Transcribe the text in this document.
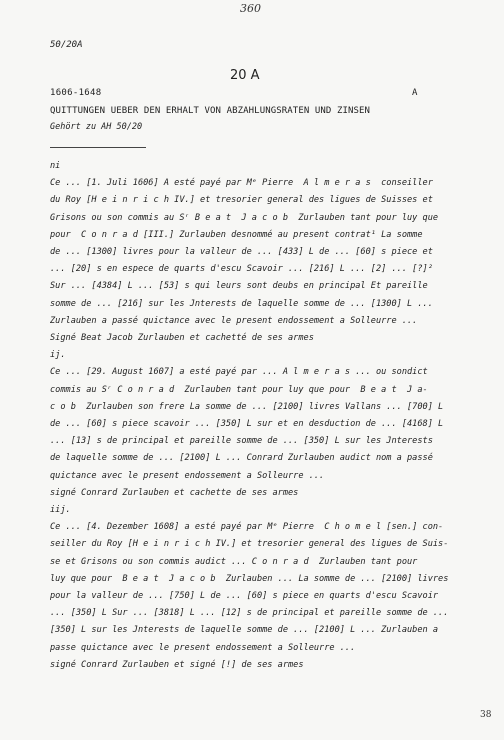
360
50/20A
20 A
1606-1648	A
QUITTUNGEN UEBER DEN ERHALT VON ABZAHLUNGSRATEN UND ZINSEN
Gehört zu AH 50/20
ni
Ce ... [1. Juli 1606] A esté payé par Mᵉ Pierre  A l m e r a s  conseiller
du Roy [H e i n r i c h IV.] et tresorier general des ligues de Suisses et
Grisons ou son commis au Sʳ B e a t  J a c o b  Zurlauben tant pour luy que
pour  C o n r a d [III.] Zurlauben desnommé au present contrat¹ La somme
de ... [1300] livres pour la valleur de ... [433] L de ... [60] s piece et
... [20] s en espece de quarts d'escu Scavoir ... [216] L ... [2] ... [?]²
Sur ... [4384] L ... [53] s qui leurs sont deubs en principal Et pareille
somme de ... [216] sur les Jnterests de laquelle somme de ... [1300] L ...
Zurlauben a passé quictance avec le present endossement a Solleurre ...
Signé Beat Jacob Zurlauben et cachetté de ses armes
ij.
Ce ... [29. August 1607] a esté payé par ... A l m e r a s ... ou sondict
commis au Sʳ C o n r a d  Zurlauben tant pour luy que pour  B e a t  J a-
c o b  Zurlauben son frere La somme de ... [2100] livres Vallans ... [700] L
de ... [60] s piece scavoir ... [350] L sur et en desduction de ... [4168] L
... [13] s de principal et pareille somme de ... [350] L sur les Jnterests
de laquelle somme de ... [2100] L ... Conrard Zurlauben audict nom a passé
quictance avec le present endossement a Solleurre ...
signé Conrard Zurlauben et cachette de ses armes
iij.
Ce ... [4. Dezember 1608] a esté payé par Mᵉ Pierre  C h o m e l [sen.] con-
seiller du Roy [H e i n r i c h IV.] et tresorier general des ligues de Suis-
se et Grisons ou son commis audict ... C o n r a d  Zurlauben tant pour
luy que pour  B e a t  J a c o b  Zurlauben ... La somme de ... [2100] livres
pour la valleur de ... [750] L de ... [60] s piece en quarts d'escu Scavoir
... [350] L Sur ... [3818] L ... [12] s de principal et pareille somme de ...
[350] L sur les Jnterests de laquelle somme de ... [2100] L ... Zurlauben a
passe quictance avec le present endossement a Solleurre ...
signé Conrard Zurlauben et signé [!] de ses armes
38
